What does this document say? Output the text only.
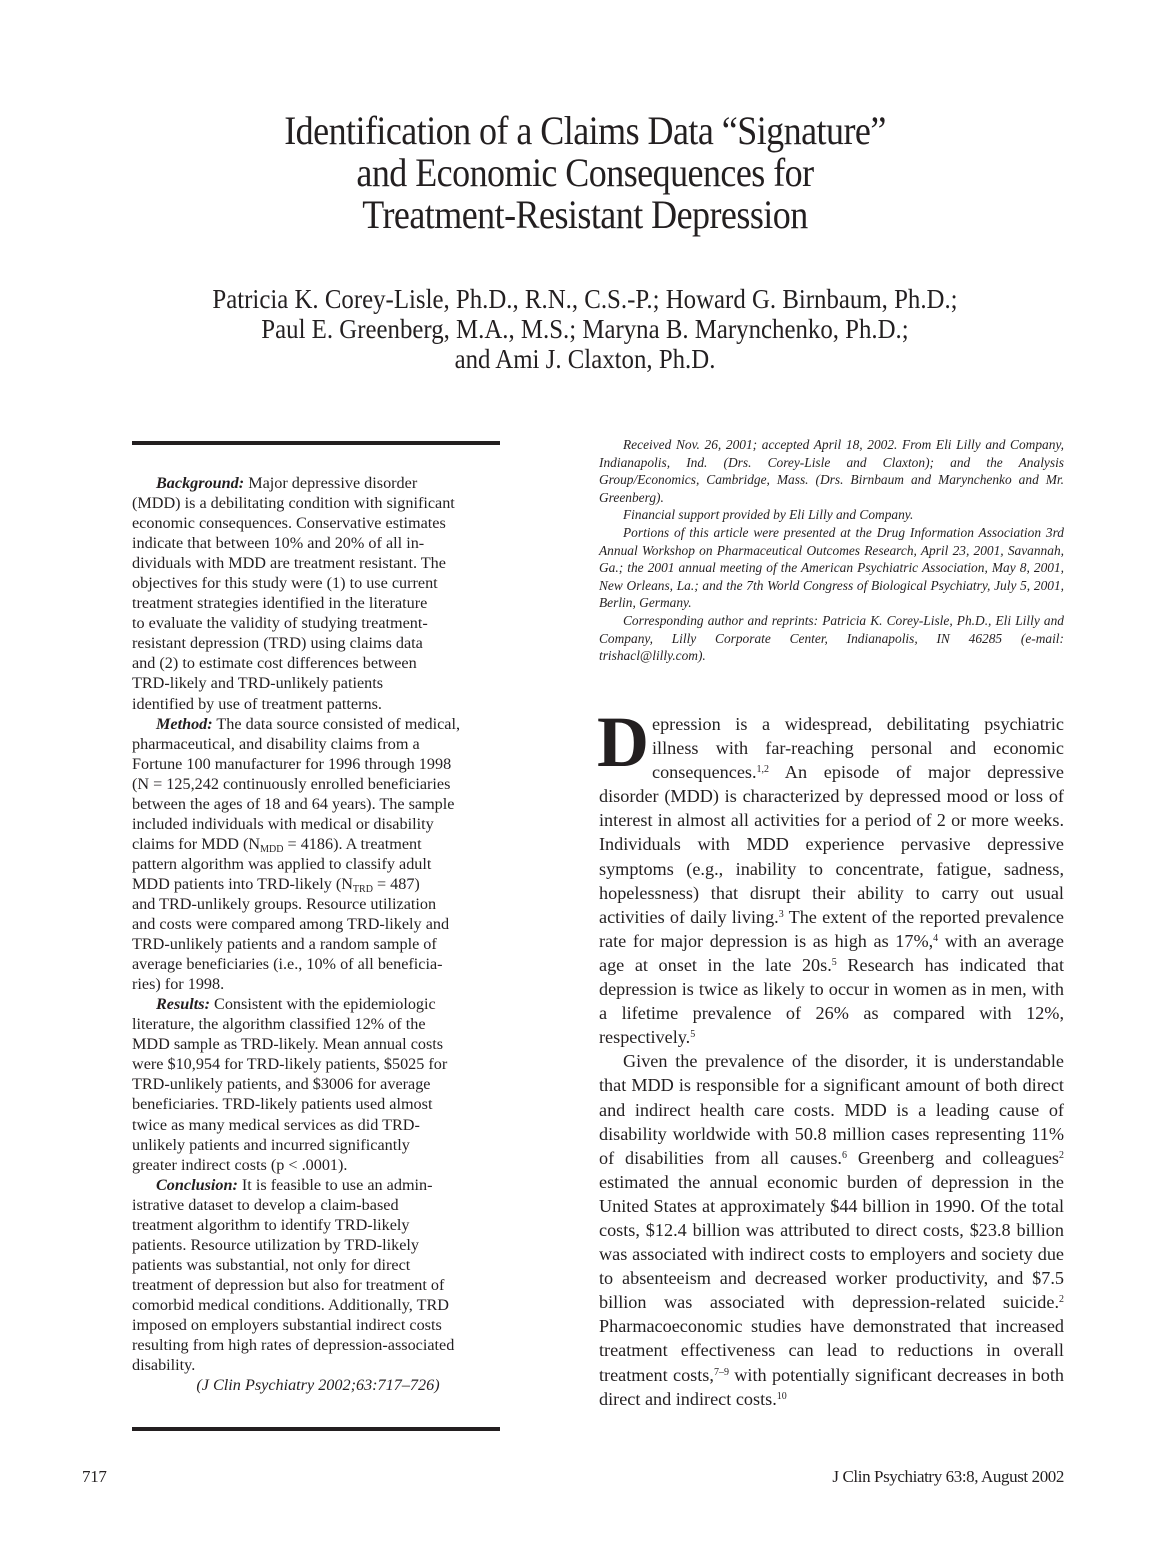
Identification of a Claims Data “Signature”
and Economic Consequences for
Treatment-Resistant Depression
Patricia K. Corey-Lisle, Ph.D., R.N., C.S.-P.; Howard G. Birnbaum, Ph.D.;
Paul E. Greenberg, M.A., M.S.; Maryna B. Marynchenko, Ph.D.;
and Ami J. Claxton, Ph.D.

Background: Major depressive disorder
(MDD) is a debilitating condition with significant
economic consequences. Conservative estimates
indicate that between 10% and 20% of all in-
dividuals with MDD are treatment resistant. The
objectives for this study were (1) to use current
treatment strategies identified in the literature
to evaluate the validity of studying treatment-
resistant depression (TRD) using claims data
and (2) to estimate cost differences between
TRD-likely and TRD-unlikely patients
identified by use of treatment patterns.

Method: The data source consisted of medical,
pharmaceutical, and disability claims from a
Fortune 100 manufacturer for 1996 through 1998
(N = 125,242 continuously enrolled beneficiaries
between the ages of 18 and 64 years). The sample
included individuals with medical or disability
claims for MDD $(N_{MDD} = 4186)$. A treatment
pattern algorithm was applied to classify adult
MDD patients into TRD-likely $(N_{TRD} = 487)$
and TRD-unlikely groups. Resource utilization
and costs were compared among TRD-likely and
TRD-unlikely patients and a random sample of
average beneficiaries (i.e., 10% of all beneficia-
ries) for 1998.

Results: Consistent with the epidemiologic
literature, the algorithm classified 12% of the
MDD sample as TRD-likely. Mean annual costs
were $10,954 for TRD-likely patients, $5025 for
TRD-unlikely patients, and $3006 for average
beneficiaries. TRD-likely patients used almost
twice as many medical services as did TRD-
unlikely patients and incurred significantly
greater indirect costs (p < .0001).

Conclusion: It is feasible to use an admin-
istrative dataset to develop a claim-based
treatment algorithm to identify TRD-likely
patients. Resource utilization by TRD-likely
patients was substantial, not only for direct
treatment of depression but also for treatment of
comorbid medical conditions. Additionally, TRD
imposed on employers substantial indirect costs
resulting from high rates of depression-associated
disability.

(J Clin Psychiatry 2002;63:717–726)

Received Nov. 26, 2001; accepted April 18, 2002. From Eli Lilly and Company, Indianapolis, Ind. (Drs. Corey-Lisle and Claxton); and the Analysis Group/Economics, Cambridge, Mass. (Drs. Birnbaum and Marynchenko and Mr. Greenberg).

Financial support provided by Eli Lilly and Company.

Portions of this article were presented at the Drug Information Association 3rd Annual Workshop on Pharmaceutical Outcomes Research, April 23, 2001, Savannah, Ga.; the 2001 annual meeting of the American Psychiatric Association, May 8, 2001, New Orleans, La.; and the 7th World Congress of Biological Psychiatry, July 5, 2001, Berlin, Germany.

Corresponding author and reprints: Patricia K. Corey-Lisle, Ph.D., Eli Lilly and Company, Lilly Corporate Center, Indianapolis, IN 46285 (e-mail: trishacl@lilly.com).

Depression is a widespread, debilitating psychiatric illness with far-reaching personal and economic consequences.$^{1,2}$ An episode of major depressive disorder (MDD) is characterized by depressed mood or loss of interest in almost all activities for a period of 2 or more weeks. Individuals with MDD experience pervasive depressive symptoms (e.g., inability to concentrate, fatigue, sadness, hopelessness) that disrupt their ability to carry out usual activities of daily living.$^3$ The extent of the reported prevalence rate for major depression is as high as 17%,$^4$ with an average age at onset in the late 20s.$^5$ Research has indicated that depression is twice as likely to occur in women as in men, with a lifetime prevalence of 26% as compared with 12%, respectively.$^5$

Given the prevalence of the disorder, it is understandable that MDD is responsible for a significant amount of both direct and indirect health care costs. MDD is a leading cause of disability worldwide with 50.8 million cases representing 11% of disabilities from all causes.$^6$ Greenberg and colleagues$^2$ estimated the annual economic burden of depression in the United States at approximately $44 billion in 1990. Of the total costs, $12.4 billion was attributed to direct costs, $23.8 billion was associated with indirect costs to employers and society due to absenteeism and decreased worker productivity, and $7.5 billion was associated with depression-related suicide.$^2$ Pharmacoeconomic studies have demonstrated that increased treatment effectiveness can lead to reductions in overall treatment costs,$^{7-9}$ with potentially significant decreases in both direct and indirect costs.$^{10}$

717	J Clin Psychiatry 63:8, August 2002
